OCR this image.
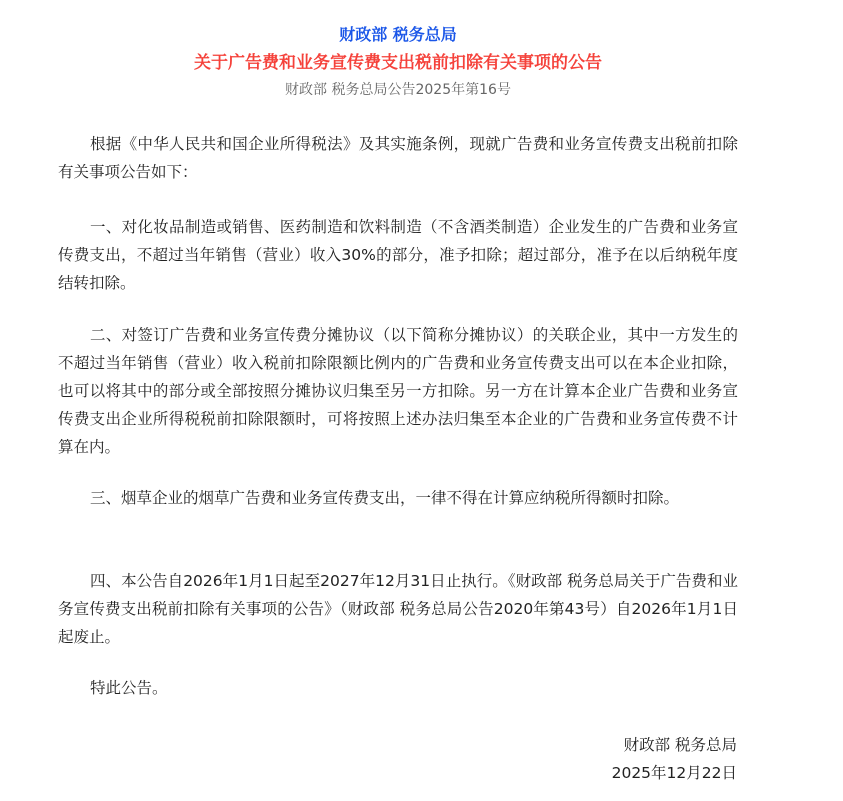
财政部 税务总局
关于广告费和业务宣传费支出税前扣除有关事项的公告
财政部 税务总局公告2025年第16号

根据《中华人民共和国企业所得税法》及其实施条例，现就广告费和业务宣传费支出税前扣除有关事项公告如下：

一、对化妆品制造或销售、医药制造和饮料制造（不含酒类制造）企业发生的广告费和业务宣传费支出，不超过当年销售（营业）收入30%的部分，准予扣除；超过部分，准予在以后纳税年度结转扣除。

二、对签订广告费和业务宣传费分摊协议（以下简称分摊协议）的关联企业，其中一方发生的不超过当年销售（营业）收入税前扣除限额比例内的广告费和业务宣传费支出可以在本企业扣除，也可以将其中的部分或全部按照分摊协议归集至另一方扣除。另一方在计算本企业广告费和业务宣传费支出企业所得税税前扣除限额时，可将按照上述办法归集至本企业的广告费和业务宣传费不计算在内。

三、烟草企业的烟草广告费和业务宣传费支出，一律不得在计算应纳税所得额时扣除。

四、本公告自2026年1月1日起至2027年12月31日止执行。《财政部 税务总局关于广告费和业务宣传费支出税前扣除有关事项的公告》（财政部 税务总局公告2020年第43号）自2026年1月1日起废止。

特此公告。

财政部 税务总局
2025年12月22日
